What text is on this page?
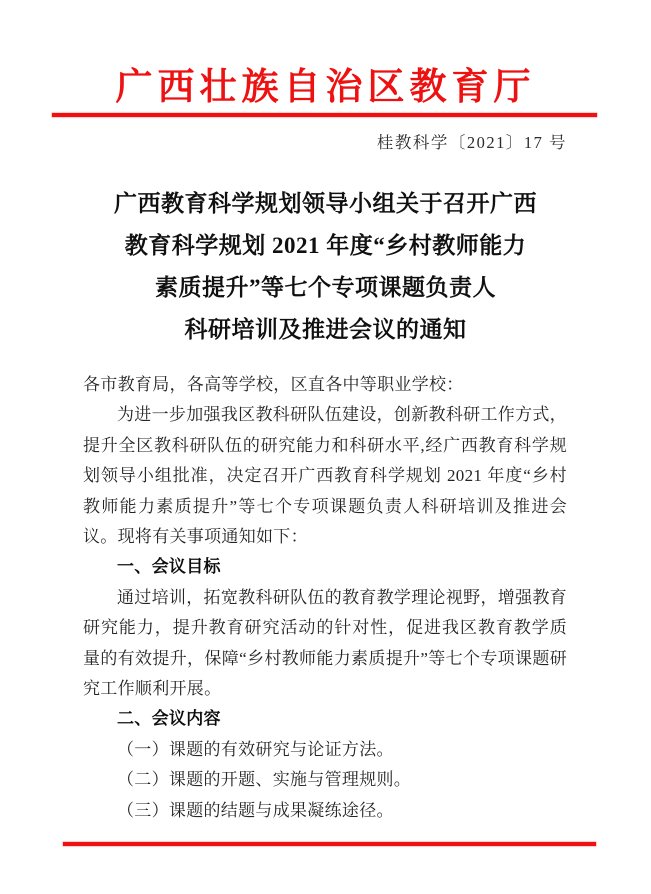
广西壮族自治区教育厅
桂教科学〔2021〕17 号
广西教育科学规划领导小组关于召开广西
教育科学规划 2021 年度“乡村教师能力
素质提升”等七个专项课题负责人
科研培训及推进会议的通知

各市教育局，各高等学校，区直各中等职业学校：

为进一步加强我区教科研队伍建设，创新教科研工作方式，提升全区教科研队伍的研究能力和科研水平,经广西教育科学规划领导小组批准，决定召开广西教育科学规划 2021 年度“乡村教师能力素质提升”等七个专项课题负责人科研培训及推进会议。现将有关事项通知如下：

一、会议目标

通过培训，拓宽教科研队伍的教育教学理论视野，增强教育研究能力，提升教育研究活动的针对性，促进我区教育教学质量的有效提升，保障“乡村教师能力素质提升”等七个专项课题研究工作顺利开展。

二、会议内容

（一）课题的有效研究与论证方法。

（二）课题的开题、实施与管理规则。

（三）课题的结题与成果凝练途径。
